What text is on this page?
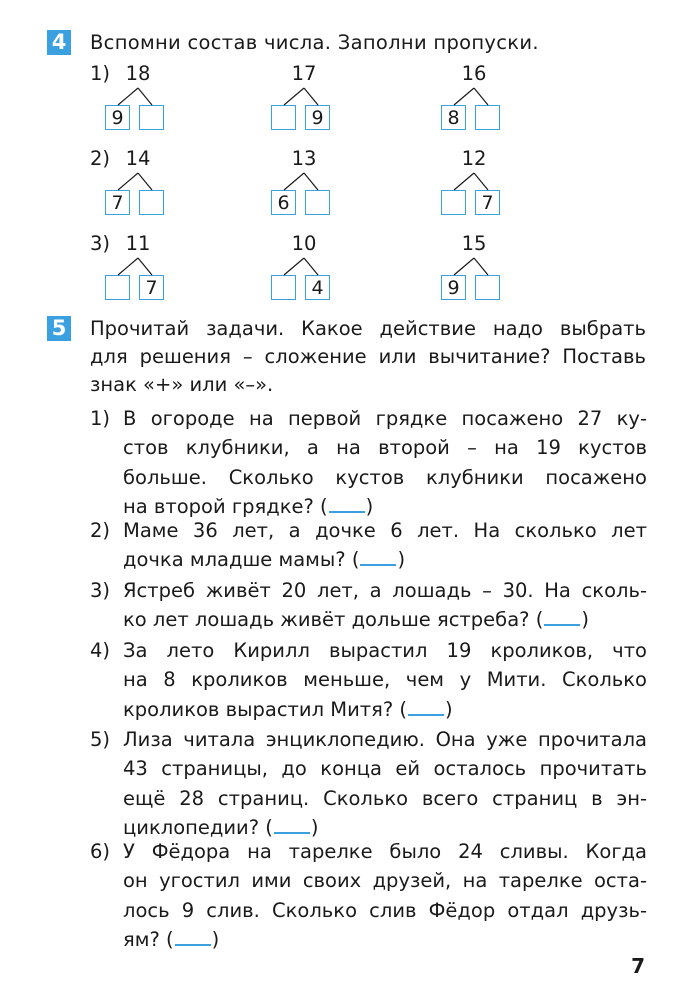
4 Вспомни состав числа. Заполни пропуски.
1) 18
9
17
9
16
8
2) 14
7
13
6
12
7
3) 11
7
10
4
15
9
5 Прочитай задачи. Какое действие надо выбрать
для решения – сложение или вычитание? Поставь
знак «+» или «–».
1) В огороде на первой грядке посажено 27 ку-
стов клубники, а на второй – на 19 кустов
больше. Сколько кустов клубники посажено
на второй грядке? ( )
2) Маме 36 лет, а дочке 6 лет. На сколько лет
дочка младше мамы? ( )
3) Ястреб живёт 20 лет, а лошадь – 30. На сколь-
ко лет лошадь живёт дольше ястреба? ( )
4) За лето Кирилл вырастил 19 кроликов, что
на 8 кроликов меньше, чем у Мити. Сколько
кроликов вырастил Митя? ( )
5) Лиза читала энциклопедию. Она уже прочитала
43 страницы, до конца ей осталось прочитать
ещё 28 страниц. Сколько всего страниц в эн-
циклопедии? ( )
6) У Фёдора на тарелке было 24 сливы. Когда
он угостил ими своих друзей, на тарелке оста-
лось 9 слив. Сколько слив Фёдор отдал друзь-
ям? ( )
7
